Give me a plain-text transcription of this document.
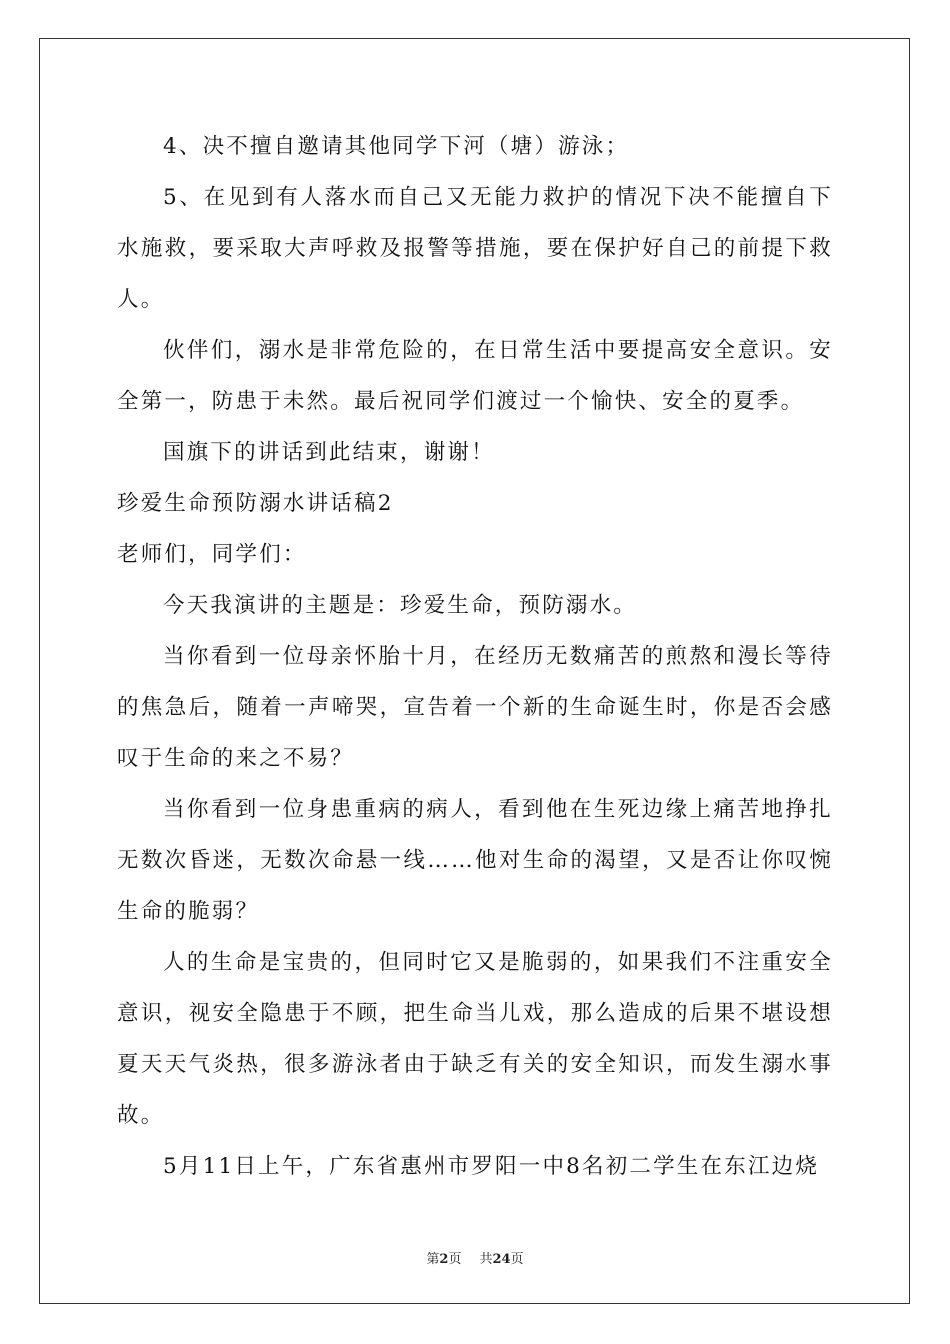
4、决不擅自邀请其他同学下河（塘）游泳；

5、在见到有人落水而自己又无能力救护的情况下决不能擅自下水施救，要采取大声呼救及报警等措施，要在保护好自己的前提下救人。

伙伴们，溺水是非常危险的，在日常生活中要提高安全意识。安全第一，防患于未然。最后祝同学们渡过一个愉快、安全的夏季。

国旗下的讲话到此结束，谢谢！

珍爱生命预防溺水讲话稿2

老师们，同学们：

今天我演讲的主题是：珍爱生命，预防溺水。

当你看到一位母亲怀胎十月，在经历无数痛苦的煎熬和漫长等待的焦急后，随着一声啼哭，宣告着一个新的生命诞生时，你是否会感叹于生命的来之不易？

当你看到一位身患重病的病人，看到他在生死边缘上痛苦地挣扎无数次昏迷，无数次命悬一线……他对生命的渴望，又是否让你叹惋生命的脆弱？

人的生命是宝贵的，但同时它又是脆弱的，如果我们不注重安全意识，视安全隐患于不顾，把生命当儿戏，那么造成的后果不堪设想夏天天气炎热，很多游泳者由于缺乏有关的安全知识，而发生溺水事故。

5月11日上午，广东省惠州市罗阳一中8名初二学生在东江边烧

第2页 共24页
